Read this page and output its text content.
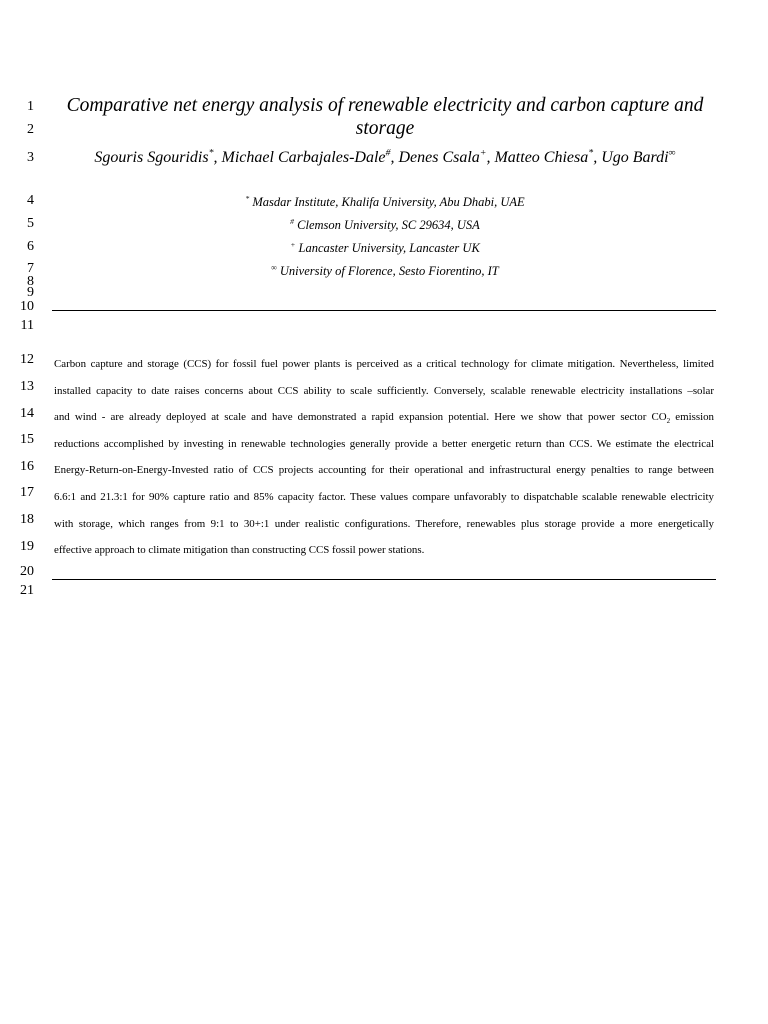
1
2
3
4
5
6
7
8
9
10
11
12
13
14
15
16
17
18
19
20
21
Comparative net energy analysis of renewable electricity and carbon capture and
storage
Sgouris Sgouridis*, Michael Carbajales-Dale#, Denes Csala+, Matteo Chiesa*, Ugo Bardi∞
* Masdar Institute, Khalifa University, Abu Dhabi, UAE
# Clemson University, SC 29634, USA
+ Lancaster University, Lancaster UK
∞ University of Florence, Sesto Fiorentino, IT
Carbon capture and storage (CCS) for fossil fuel power plants is perceived as a critical technology for climate mitigation. Nevertheless, limited
installed capacity to date raises concerns about CCS ability to scale sufficiently. Conversely, scalable renewable electricity installations –solar
and wind - are already deployed at scale and have demonstrated a rapid expansion potential. Here we show that power sector $CO_2$ emission
reductions accomplished by investing in renewable technologies generally provide a better energetic return than CCS. We estimate the electrical
Energy-Return-on-Energy-Invested ratio of CCS projects accounting for their operational and infrastructural energy penalties to range between
6.6:1 and 21.3:1 for 90% capture ratio and 85% capacity factor. These values compare unfavorably to dispatchable scalable renewable electricity
with storage, which ranges from 9:1 to 30+:1 under realistic configurations. Therefore, renewables plus storage provide a more energetically
effective approach to climate mitigation than constructing CCS fossil power stations.
